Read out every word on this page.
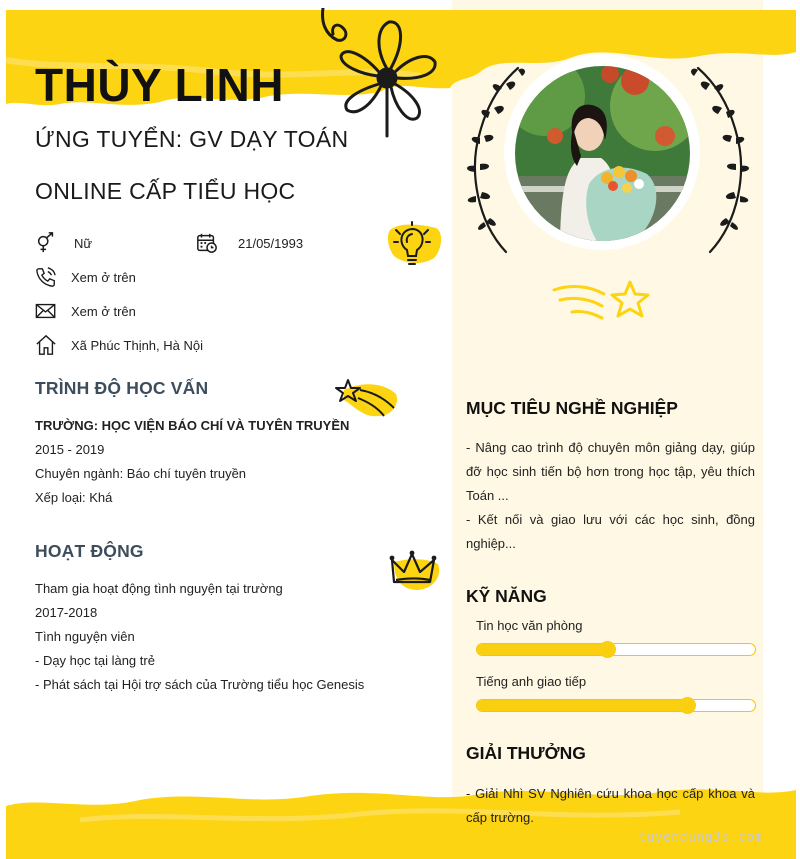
THÙY LINH
ỨNG TUYỂN: GV DẠY TOÁN
ONLINE CẤP TIỂU HỌC
Nữ	21/05/1993
Xem ở trên
Xem ở trên
Xã Phúc Thịnh, Hà Nội
TRÌNH ĐỘ HỌC VẤN
TRƯỜNG: HỌC VIỆN BÁO CHÍ VÀ TUYÊN TRUYỀN
2015 - 2019
Chuyên ngành: Báo chí tuyên truyền
Xếp loại: Khá
HOẠT ĐỘNG
Tham gia hoạt động tình nguyện tại trường
2017-2018
Tình nguyện viên
- Dạy học tại làng trẻ
- Phát sách tại Hội trợ sách của Trường tiểu học Genesis
MỤC TIÊU NGHỀ NGHIỆP
- Nâng cao trình độ chuyên môn giảng dạy, giúp đỡ học sinh tiến bộ hơn trong học tập, yêu thích Toán ...
- Kết nối và giao lưu với các học sinh, đồng nghiệp...
KỸ NĂNG
Tin học văn phòng
Tiếng anh giao tiếp
GIẢI THƯỞNG
- Giải Nhì SV Nghiên cứu khoa học cấp khoa và cấp trường.
tuyendung3s.com
